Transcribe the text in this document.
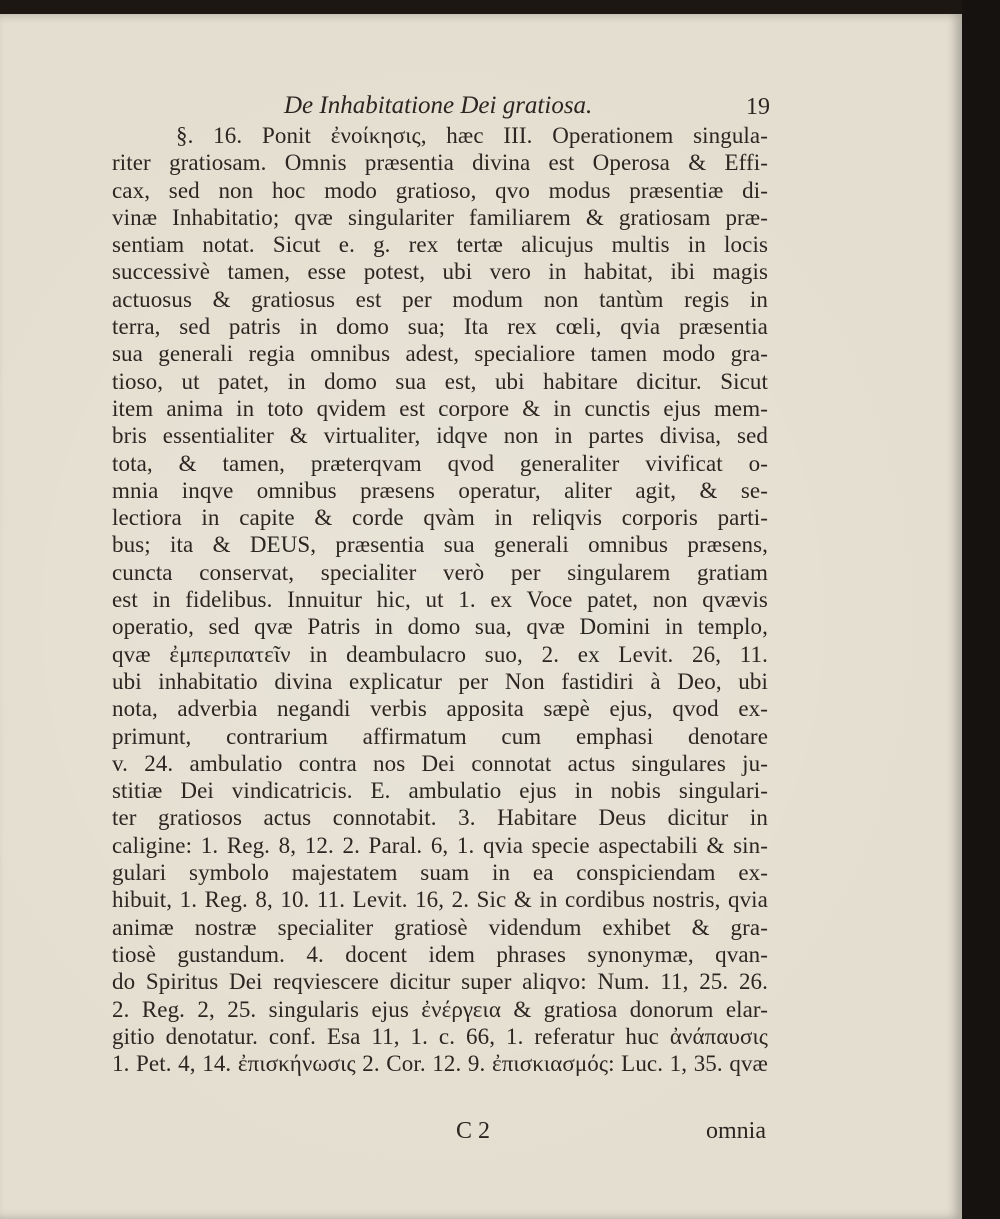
De Inhabitatione Dei gratiosa.	19
§. 16. Ponit ἐνοίκησις, hæc III. Operationem singula-
riter gratiosam. Omnis præsentia divina est Operosa & Effi-
cax, sed non hoc modo gratioso, qvo modus præsentiæ di-
vinæ Inhabitatio; qvæ singulariter familiarem & gratiosam præ-
sentiam notat. Sicut e. g. rex tertæ alicujus multis in locis
successivè tamen, esse potest, ubi vero in habitat, ibi magis
actuosus & gratiosus est per modum non tantùm regis in
terra, sed patris in domo sua; Ita rex cœli, qvia præsentia
sua generali regia omnibus adest, specialiore tamen modo gra-
tioso, ut patet, in domo sua est, ubi habitare dicitur. Sicut
item anima in toto qvidem est corpore & in cunctis ejus mem-
bris essentialiter & virtualiter, idqve non in partes divisa, sed
tota, & tamen, præterqvam qvod generaliter vivificat o-
mnia inqve omnibus præsens operatur, aliter agit, & se-
lectiora in capite & corde qvàm in reliqvis corporis parti-
bus; ita & DEUS, præsentia sua generali omnibus præsens,
cuncta conservat, specialiter verò per singularem gratiam
est in fidelibus. Innuitur hic, ut 1. ex Voce patet, non qvævis
operatio, sed qvæ Patris in domo sua, qvæ Domini in templo,
qvæ ἐμπεριπατεῖν in deambulacro suo, 2. ex Levit. 26, 11.
ubi inhabitatio divina explicatur per Non fastidiri à Deo, ubi
nota, adverbia negandi verbis apposita sæpè ejus, qvod ex-
primunt, contrarium affirmatum cum emphasi denotare
v. 24. ambulatio contra nos Dei connotat actus singulares ju-
stitiæ Dei vindicatricis. E. ambulatio ejus in nobis singulari-
ter gratiosos actus connotabit. 3. Habitare Deus dicitur in
caligine: 1. Reg. 8, 12. 2. Paral. 6, 1. qvia specie aspectabili & sin-
gulari symbolo majestatem suam in ea conspiciendam ex-
hibuit, 1. Reg. 8, 10. 11. Levit. 16, 2. Sic & in cordibus nostris, qvia
animæ nostræ specialiter gratiosè videndum exhibet & gra-
tiosè gustandum. 4. docent idem phrases synonymæ, qvan-
do Spiritus Dei reqviescere dicitur super aliqvo: Num. 11, 25. 26.
2. Reg. 2, 25. singularis ejus ἐνέργεια & gratiosa donorum elar-
gitio denotatur. conf. Esa 11, 1. c. 66, 1. referatur huc ἀνάπαυσις
1. Pet. 4, 14. ἐπισκήνωσις 2. Cor. 12. 9. ἐπισκιασμός: Luc. 1, 35. qvæ
C 2	omnia
